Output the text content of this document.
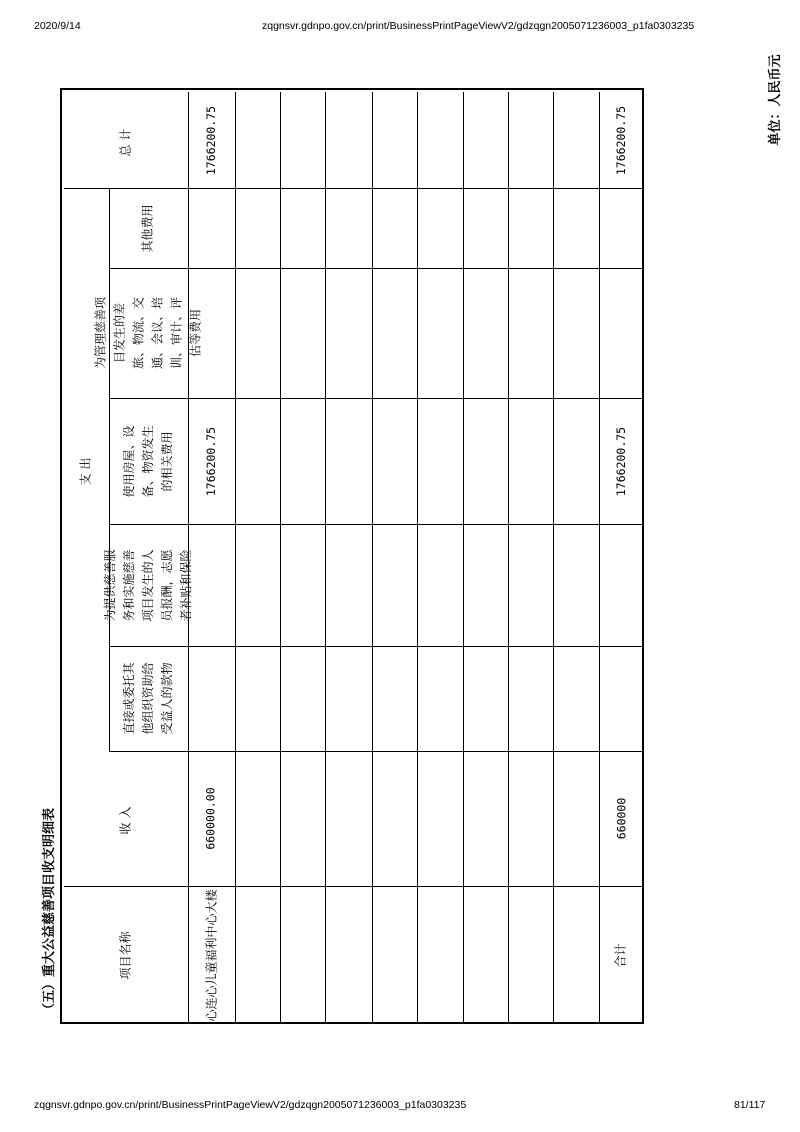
2020/9/14	zqgnsvr.gdnpo.gov.cn/print/BusinessPrintPageViewV2/gdzqgn2005071236003_p1fa0303235
zqgnsvr.gdnpo.gov.cn/print/BusinessPrintPageViewV2/gdzqgn2005071236003_p1fa0303235	81/117
（五）重大公益慈善项目收支明细表
单位：人民币元
项目名称
收入
支出
直接或委托其他组织资助给受益人的款物
为提供慈善服务和实施慈善项目发生的人员报酬，志愿者补贴和保险
使用房屋、设备、物资发生的相关费用
为管理慈善项目发生的差旅、物流、交通、会议、培训、审计、评估等费用
其他费用
总计
心连心儿童福利中心大楼
660000.00
1766200.75
1766200.75
合计
660000
1766200.75
1766200.75
